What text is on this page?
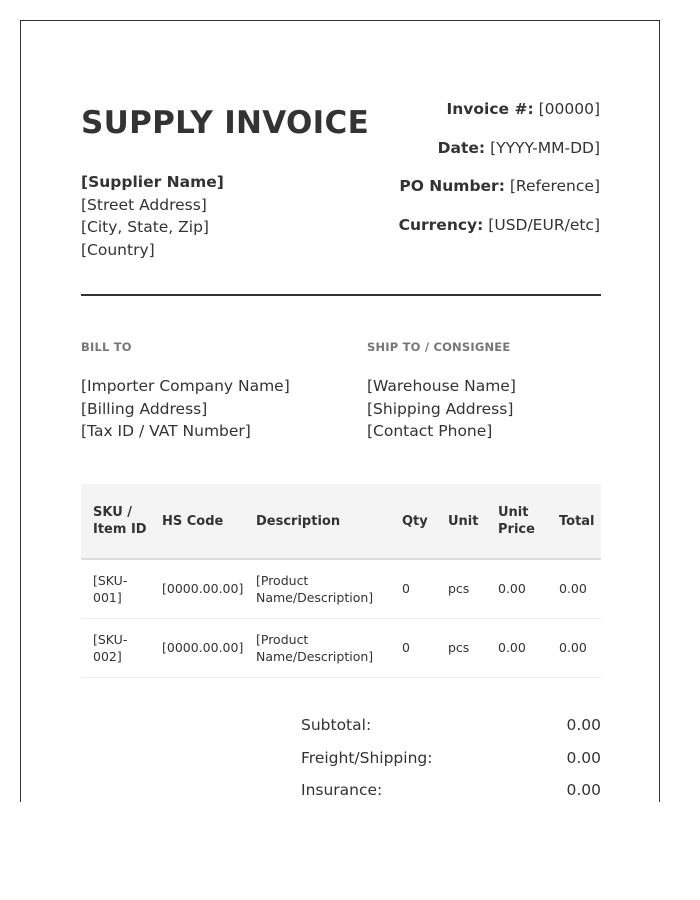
SUPPLY INVOICE
[Supplier Name]
[Street Address]
[City, State, Zip]
[Country]
Invoice #: [00000]
Date: [YYYY-MM-DD]
PO Number: [Reference]
Currency: [USD/EUR/etc]
BILL TO
[Importer Company Name]
[Billing Address]
[Tax ID / VAT Number]
SHIP TO / CONSIGNEE
[Warehouse Name]
[Shipping Address]
[Contact Phone]
SKU / Item ID	HS Code	Description	Qty	Unit	Unit Price	Total
[SKU-001]	[0000.00.00]	[Product Name/Description]	0	pcs	0.00	0.00
[SKU-002]	[0000.00.00]	[Product Name/Description]	0	pcs	0.00	0.00
Subtotal:	0.00
Freight/Shipping:	0.00
Insurance:	0.00
